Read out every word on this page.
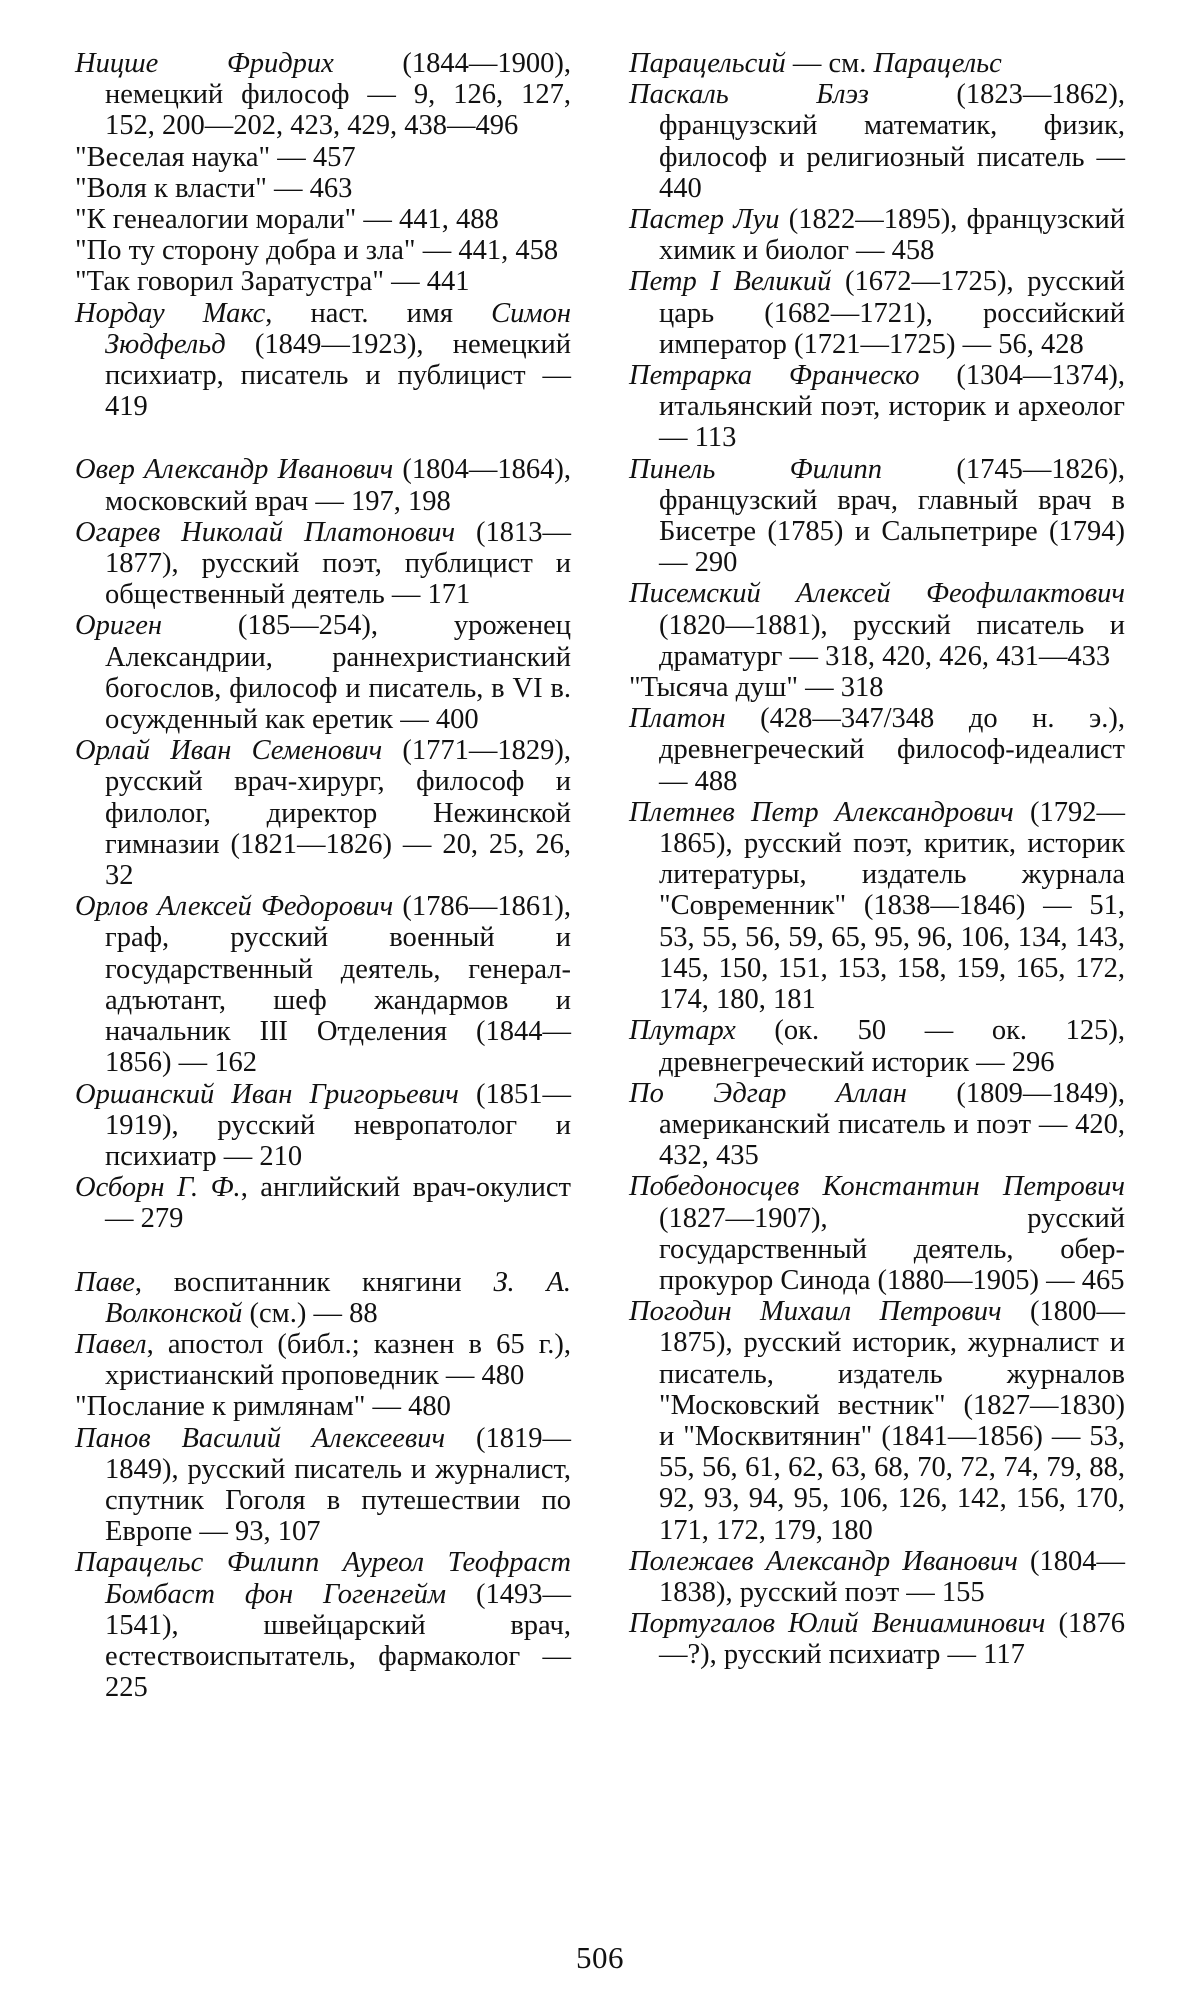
Ницше Фридрих (1844—1900), немецкий философ — 9, 126, 127, 152, 200—202, 423, 429, 438—496
"Веселая наука" — 457
"Воля к власти" — 463
"К генеалогии морали" — 441, 488
"По ту сторону добра и зла" — 441, 458
"Так говорил Заратустра" — 441
Нордау Макс, наст. имя Симон Зюдфельд (1849—1923), немецкий психиатр, писатель и публицист — 419
Овер Александр Иванович (1804—1864), московский врач — 197, 198
Огарев Николай Платонович (1813—1877), русский поэт, публицист и общественный деятель — 171
Ориген (185—254), уроженец Александрии, раннехристианский богослов, философ и писатель, в VI в. осужденный как еретик — 400
Орлай Иван Семенович (1771—1829), русский врач-хирург, философ и филолог, директор Нежинской гимназии (1821—1826) — 20, 25, 26, 32
Орлов Алексей Федорович (1786—1861), граф, русский военный и государственный деятель, генерал-адъютант, шеф жандармов и начальник III Отделения (1844—1856) — 162
Оршанский Иван Григорьевич (1851—1919), русский невропатолог и психиатр — 210
Осборн Г. Ф., английский врач-окулист — 279
Паве, воспитанник княгини З. А. Волконской (см.) — 88
Павел, апостол (библ.; казнен в 65 г.), христианский проповедник — 480
"Послание к римлянам" — 480
Панов Василий Алексеевич (1819—1849), русский писатель и журналист, спутник Гоголя в путешествии по Европе — 93, 107
Парацельс Филипп Ауреол Теофраст Бомбаст фон Гогенгейм (1493—1541), швейцарский врач, естествоиспытатель, фармаколог — 225
Парацельсий — см. Парацельс
Паскаль Блэз (1823—1862), французский математик, физик, философ и религиозный писатель — 440
Пастер Луи (1822—1895), французский химик и биолог — 458
Петр I Великий (1672—1725), русский царь (1682—1721), российский император (1721—1725) — 56, 428
Петрарка Франческо (1304—1374), итальянский поэт, историк и археолог — 113
Пинель Филипп (1745—1826), французский врач, главный врач в Бисетре (1785) и Сальпетрире (1794) — 290
Писемский Алексей Феофилактович (1820—1881), русский писатель и драматург — 318, 420, 426, 431—433
"Тысяча душ" — 318
Платон (428—347/348 до н. э.), древнегреческий философ-идеалист — 488
Плетнев Петр Александрович (1792—1865), русский поэт, критик, историк литературы, издатель журнала "Современник" (1838—1846) — 51, 53, 55, 56, 59, 65, 95, 96, 106, 134, 143, 145, 150, 151, 153, 158, 159, 165, 172, 174, 180, 181
Плутарх (ок. 50 — ок. 125), древнегреческий историк — 296
По Эдгар Аллан (1809—1849), американский писатель и поэт — 420, 432, 435
Победоносцев Константин Петрович (1827—1907), русский государственный деятель, обер-прокурор Синода (1880—1905) — 465
Погодин Михаил Петрович (1800—1875), русский историк, журналист и писатель, издатель журналов "Московский вестник" (1827—1830) и "Москвитянин" (1841—1856) — 53, 55, 56, 61, 62, 63, 68, 70, 72, 74, 79, 88, 92, 93, 94, 95, 106, 126, 142, 156, 170, 171, 172, 179, 180
Полежаев Александр Иванович (1804—1838), русский поэт — 155
Португалов Юлий Вениаминович (1876—?), русский психиатр — 117
506
